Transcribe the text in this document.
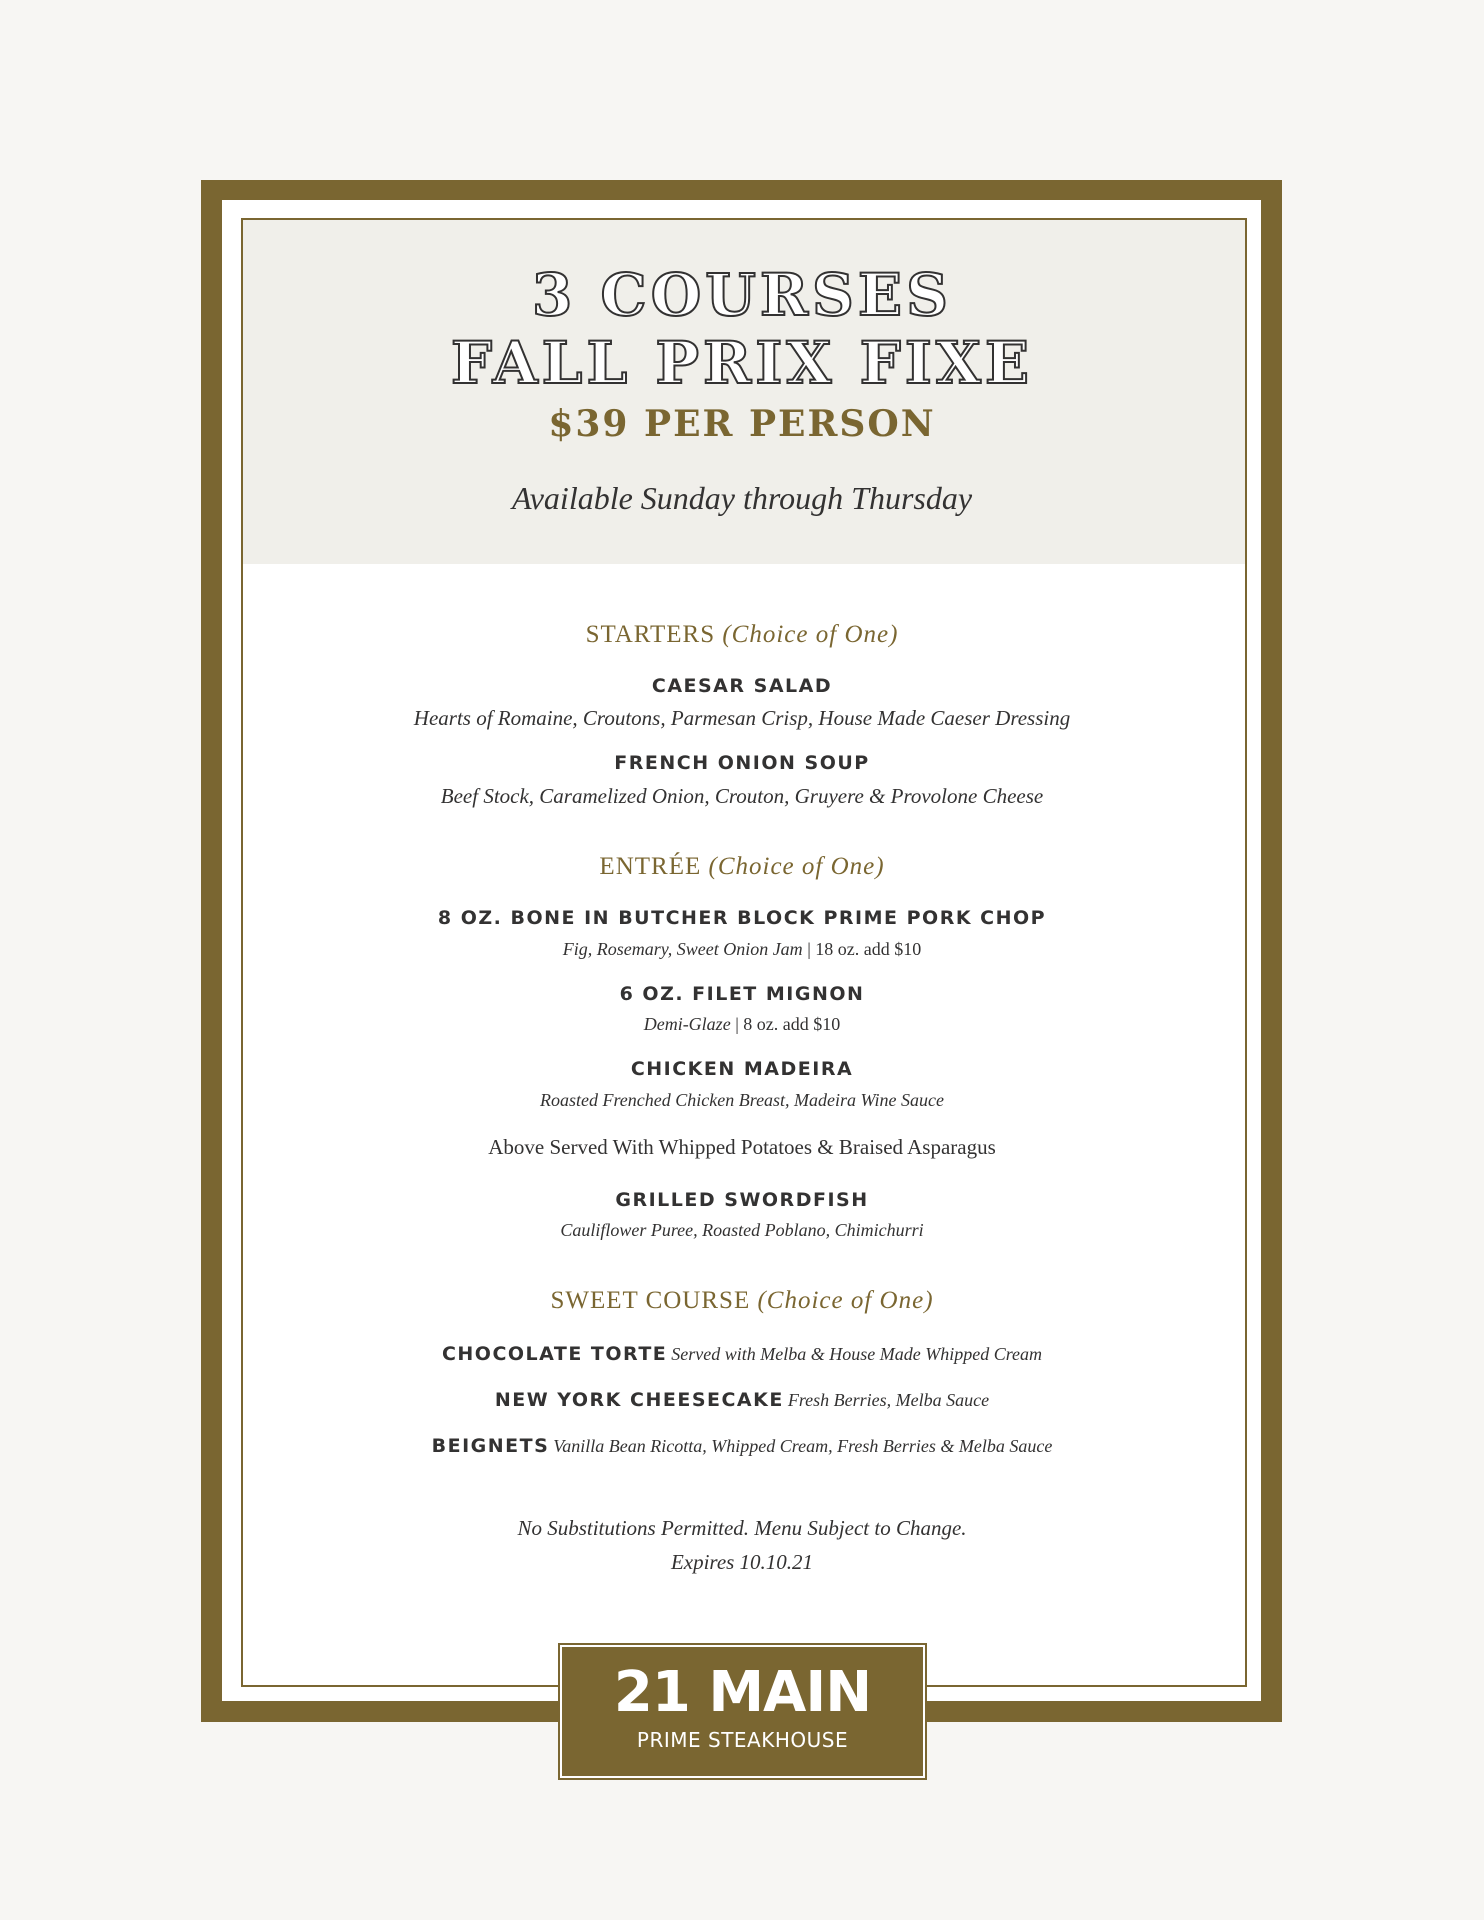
3 COURSES
FALL PRIX FIXE
$39 PER PERSON
Available Sunday through Thursday
STARTERS (Choice of One)
CAESAR SALAD
Hearts of Romaine, Croutons, Parmesan Crisp, House Made Caeser Dressing
FRENCH ONION SOUP
Beef Stock, Caramelized Onion, Crouton, Gruyere & Provolone Cheese
ENTRÉE (Choice of One)
8 OZ. BONE IN BUTCHER BLOCK PRIME PORK CHOP
Fig, Rosemary, Sweet Onion Jam | 18 oz. add $10
6 OZ. FILET MIGNON
Demi-Glaze | 8 oz. add $10
CHICKEN MADEIRA
Roasted Frenched Chicken Breast, Madeira Wine Sauce
Above Served With Whipped Potatoes & Braised Asparagus
GRILLED SWORDFISH
Cauliflower Puree, Roasted Poblano, Chimichurri
SWEET COURSE (Choice of One)
CHOCOLATE TORTE Served with Melba & House Made Whipped Cream
NEW YORK CHEESECAKE Fresh Berries, Melba Sauce
BEIGNETS Vanilla Bean Ricotta, Whipped Cream, Fresh Berries & Melba Sauce
No Substitutions Permitted. Menu Subject to Change.
Expires 10.10.21
21 MAIN
PRIME STEAKHOUSE
